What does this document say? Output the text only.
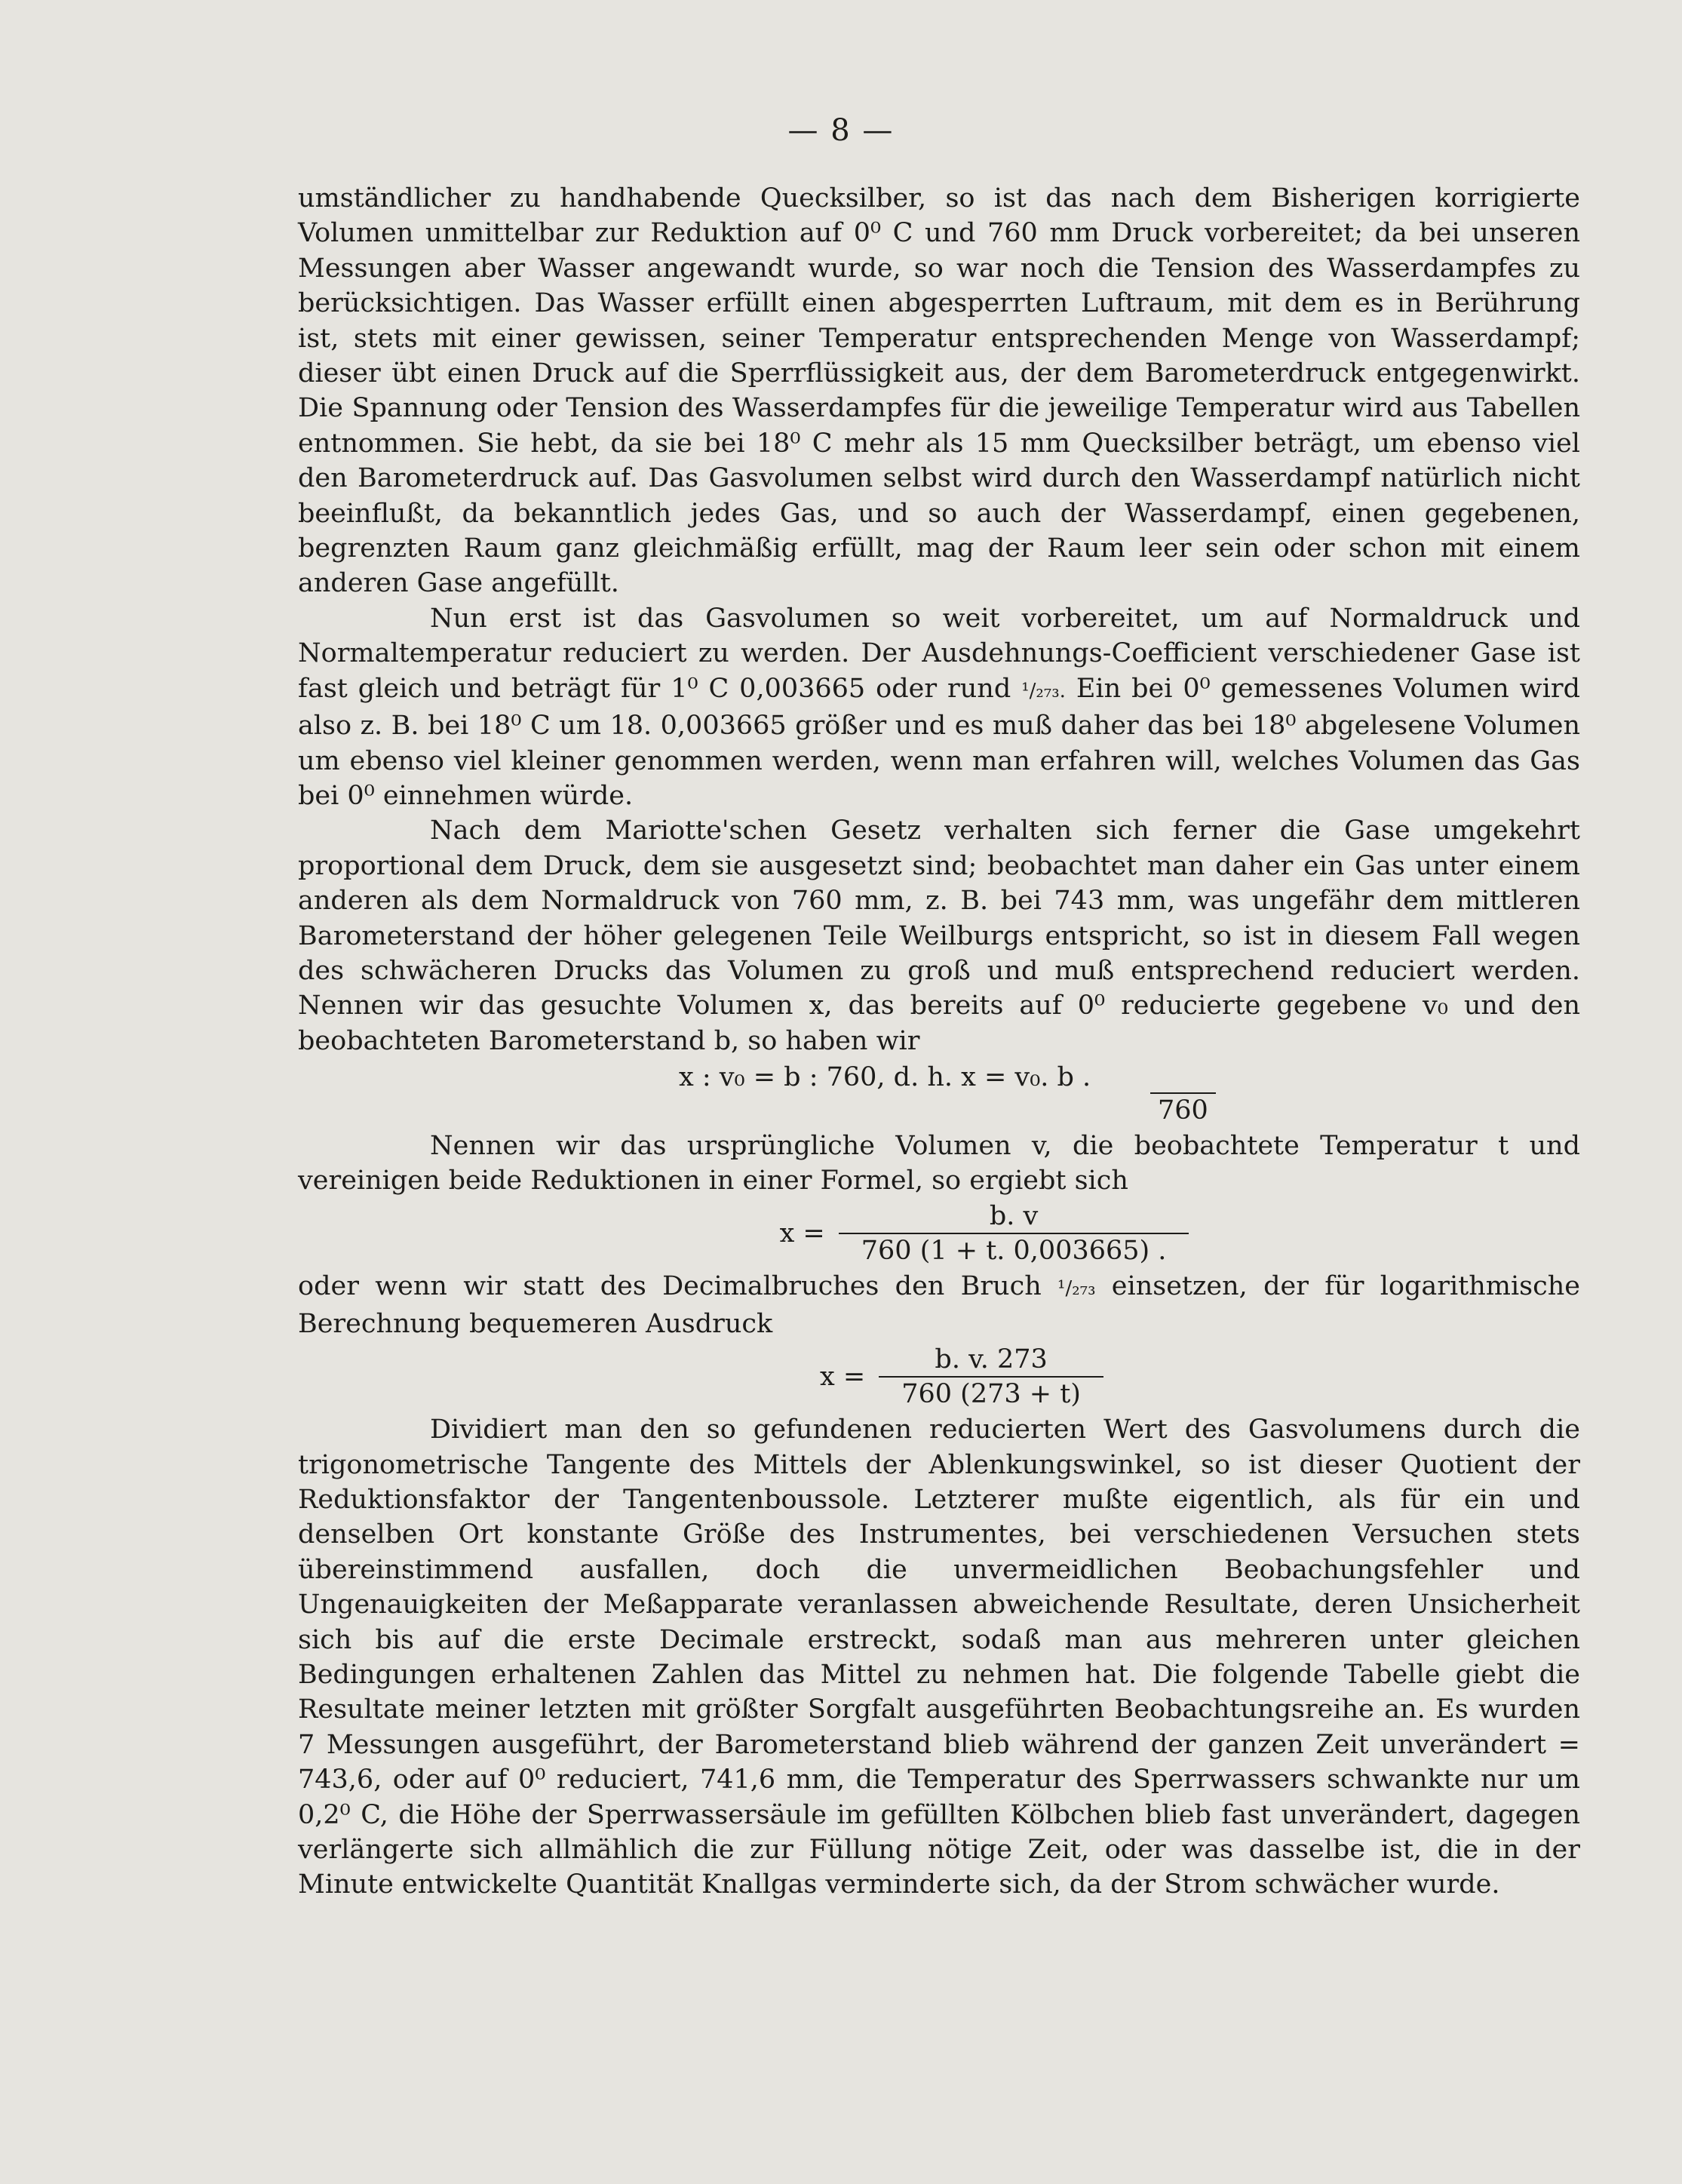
— 8 —

umständlicher zu handhabende Quecksilber, so ist das nach dem Bisherigen korrigierte Volumen unmittelbar zur Reduktion auf 0⁰ C und 760 mm Druck vorbereitet; da bei unseren Messungen aber Wasser angewandt wurde, so war noch die Tension des Wasserdampfes zu berücksichtigen. Das Wasser erfüllt einen abgesperrten Luftraum, mit dem es in Berührung ist, stets mit einer gewissen, seiner Temperatur entsprechenden Menge von Wasserdampf; dieser übt einen Druck auf die Sperrflüssigkeit aus, der dem Barometerdruck entgegenwirkt. Die Spannung oder Tension des Wasserdampfes für die jeweilige Temperatur wird aus Tabellen entnommen. Sie hebt, da sie bei 18⁰ C mehr als 15 mm Quecksilber beträgt, um ebenso viel den Barometerdruck auf. Das Gasvolumen selbst wird durch den Wasserdampf natürlich nicht beeinflußt, da bekanntlich jedes Gas, und so auch der Wasserdampf, einen gegebenen, begrenzten Raum ganz gleichmäßig erfüllt, mag der Raum leer sein oder schon mit einem anderen Gase angefüllt.

Nun erst ist das Gasvolumen so weit vorbereitet, um auf Normaldruck und Normaltemperatur reduciert zu werden. Der Ausdehnungs-Coefficient verschiedener Gase ist fast gleich und beträgt für 1⁰ C 0,003665 oder rund ¹/₂₇₃. Ein bei 0⁰ gemessenes Volumen wird also z. B. bei 18⁰ C um 18. 0,003665 größer und es muß daher das bei 18⁰ abgelesene Volumen um ebenso viel kleiner genommen werden, wenn man erfahren will, welches Volumen das Gas bei 0⁰ einnehmen würde.

Nach dem Mariotte'schen Gesetz verhalten sich ferner die Gase umgekehrt proportional dem Druck, dem sie ausgesetzt sind; beobachtet man daher ein Gas unter einem anderen als dem Normaldruck von 760 mm, z. B. bei 743 mm, was ungefähr dem mittleren Barometerstand der höher gelegenen Teile Weilburgs entspricht, so ist in diesem Fall wegen des schwächeren Drucks das Volumen zu groß und muß entsprechend reduciert werden. Nennen wir das gesuchte Volumen x, das bereits auf 0⁰ reducierte gegebene v₀ und den beobachteten Barometerstand b, so haben wir

x : v₀ = b : 760, d. h. x = v₀. b .
760

Nennen wir das ursprüngliche Volumen v, die beobachtete Temperatur t und vereinigen beide Reduktionen in einer Formel, so ergiebt sich

$x = \frac{b. v}{760 (1 + t. 0,003665) .}$

oder wenn wir statt des Decimalbruches den Bruch ¹/₂₇₃ einsetzen, der für logarithmische Berechnung bequemeren Ausdruck

$x = \frac{b. v. 273}{760 (273 + t)}$

Dividiert man den so gefundenen reducierten Wert des Gasvolumens durch die trigonometrische Tangente des Mittels der Ablenkungswinkel, so ist dieser Quotient der Reduktionsfaktor der Tangentenboussole. Letzterer mußte eigentlich, als für ein und denselben Ort konstante Größe des Instrumentes, bei verschiedenen Versuchen stets übereinstimmend ausfallen, doch die unvermeidlichen Beobachungsfehler und Ungenauigkeiten der Meßapparate veranlassen abweichende Resultate, deren Unsicherheit sich bis auf die erste Decimale erstreckt, sodaß man aus mehreren unter gleichen Bedingungen erhaltenen Zahlen das Mittel zu nehmen hat. Die folgende Tabelle giebt die Resultate meiner letzten mit größter Sorgfalt ausgeführten Beobachtungsreihe an. Es wurden 7 Messungen ausgeführt, der Barometerstand blieb während der ganzen Zeit unverändert = 743,6, oder auf 0⁰ reduciert, 741,6 mm, die Temperatur des Sperrwassers schwankte nur um 0,2⁰ C, die Höhe der Sperrwassersäule im gefüllten Kölbchen blieb fast unverändert, dagegen verlängerte sich allmählich die zur Füllung nötige Zeit, oder was dasselbe ist, die in der Minute entwickelte Quantität Knallgas verminderte sich, da der Strom schwächer wurde.
